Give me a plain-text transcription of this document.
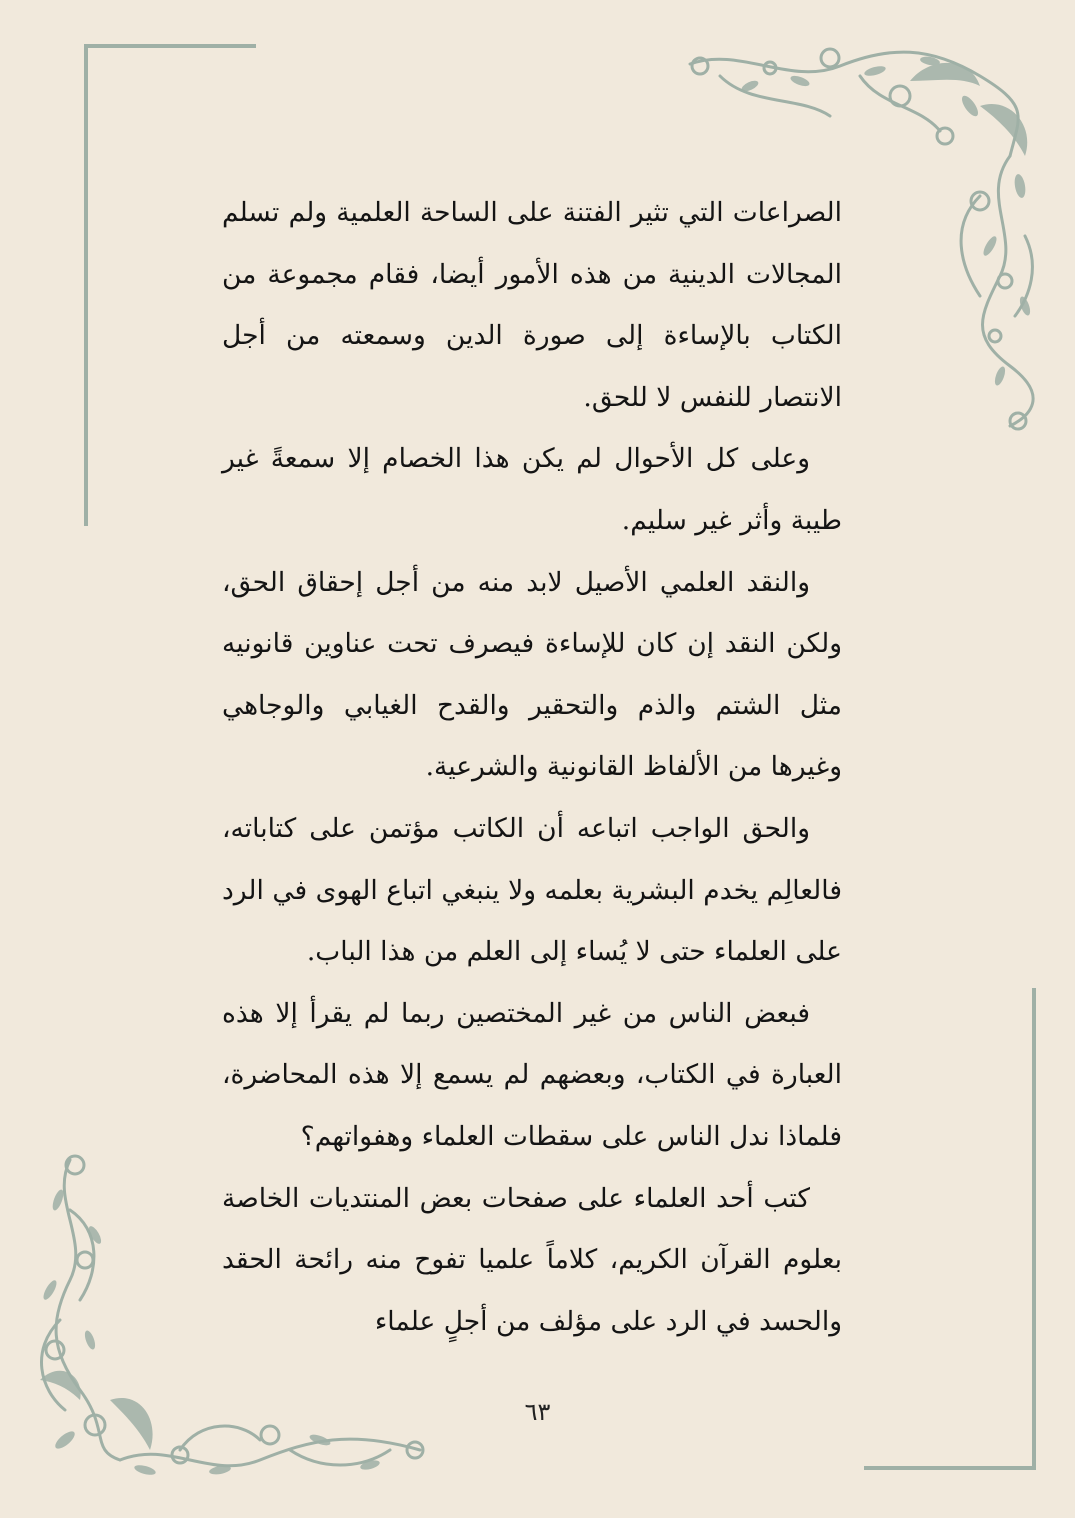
الصراعات التي تثير الفتنة على الساحة العلمية ولم تسلم المجالات الدينية من هذه الأمور أيضا، فقام مجموعة من الكتاب بالإساءة إلى صورة الدين وسمعته من أجل الانتصار للنفس لا للحق.

وعلى كل الأحوال لم يكن هذا الخصام إلا سمعةً غير طيبة وأثر غير سليم.

والنقد العلمي الأصيل لابد منه من أجل إحقاق الحق، ولكن النقد إن كان للإساءة فيصرف تحت عناوين قانونيه مثل الشتم والذم والتحقير والقدح الغيابي والوجاهي وغيرها من الألفاظ القانونية والشرعية.

والحق الواجب اتباعه أن الكاتب مؤتمن على كتاباته، فالعالِم يخدم البشرية بعلمه ولا ينبغي اتباع الهوى في الرد على العلماء حتى لا يُساء إلى العلم من هذا الباب.

فبعض الناس من غير المختصين ربما لم يقرأ إلا هذه العبارة في الكتاب، وبعضهم لم يسمع إلا هذه المحاضرة، فلماذا ندل الناس على سقطات العلماء وهفواتهم؟

كتب أحد العلماء على صفحات بعض المنتديات الخاصة بعلوم القرآن الكريم، كلاماً علميا تفوح منه رائحة الحقد والحسد في الرد على مؤلف من أجلٍ علماء

٦٣
